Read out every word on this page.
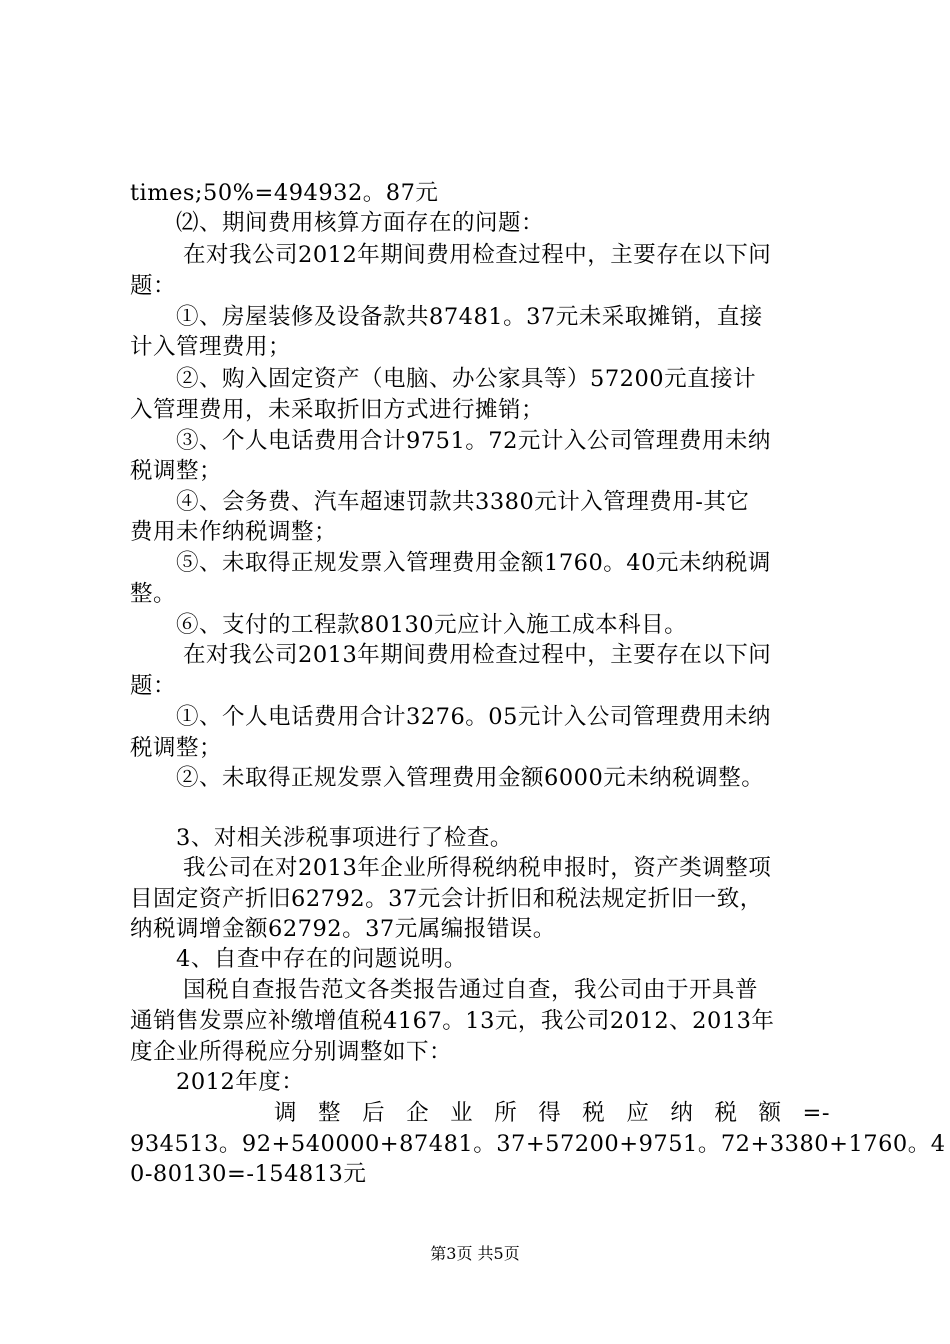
times;50%=494932。87元
⑵、期间费用核算方面存在的问题：
在对我公司2012年期间费用检查过程中，主要存在以下问
题：
①、房屋装修及设备款共87481。37元未采取摊销，直接
计入管理费用；
②、购入固定资产（电脑、办公家具等）57200元直接计
入管理费用，未采取折旧方式进行摊销；
③、个人电话费用合计9751。72元计入公司管理费用未纳
税调整；
④、会务费、汽车超速罚款共3380元计入管理费用-其它
费用未作纳税调整；
⑤、未取得正规发票入管理费用金额1760。40元未纳税调
整。
⑥、支付的工程款80130元应计入施工成本科目。
在对我公司2013年期间费用检查过程中，主要存在以下问
题：
①、个人电话费用合计3276。05元计入公司管理费用未纳
税调整；
②、未取得正规发票入管理费用金额6000元未纳税调整。
3、对相关涉税事项进行了检查。
我公司在对2013年企业所得税纳税申报时，资产类调整项
目固定资产折旧62792。37元会计折旧和税法规定折旧一致，
纳税调增金额62792。37元属编报错误。
4、自查中存在的问题说明。
国税自查报告范文各类报告通过自查，我公司由于开具普
通销售发票应补缴增值税4167。13元，我公司2012、2013年
度企业所得税应分别调整如下：
2012年度：
调整后企业所得税应纳税额=-
934513。92+540000+87481。37+57200+9751。72+3380+1760。4
0-80130=-154813元
第3页 共5页
